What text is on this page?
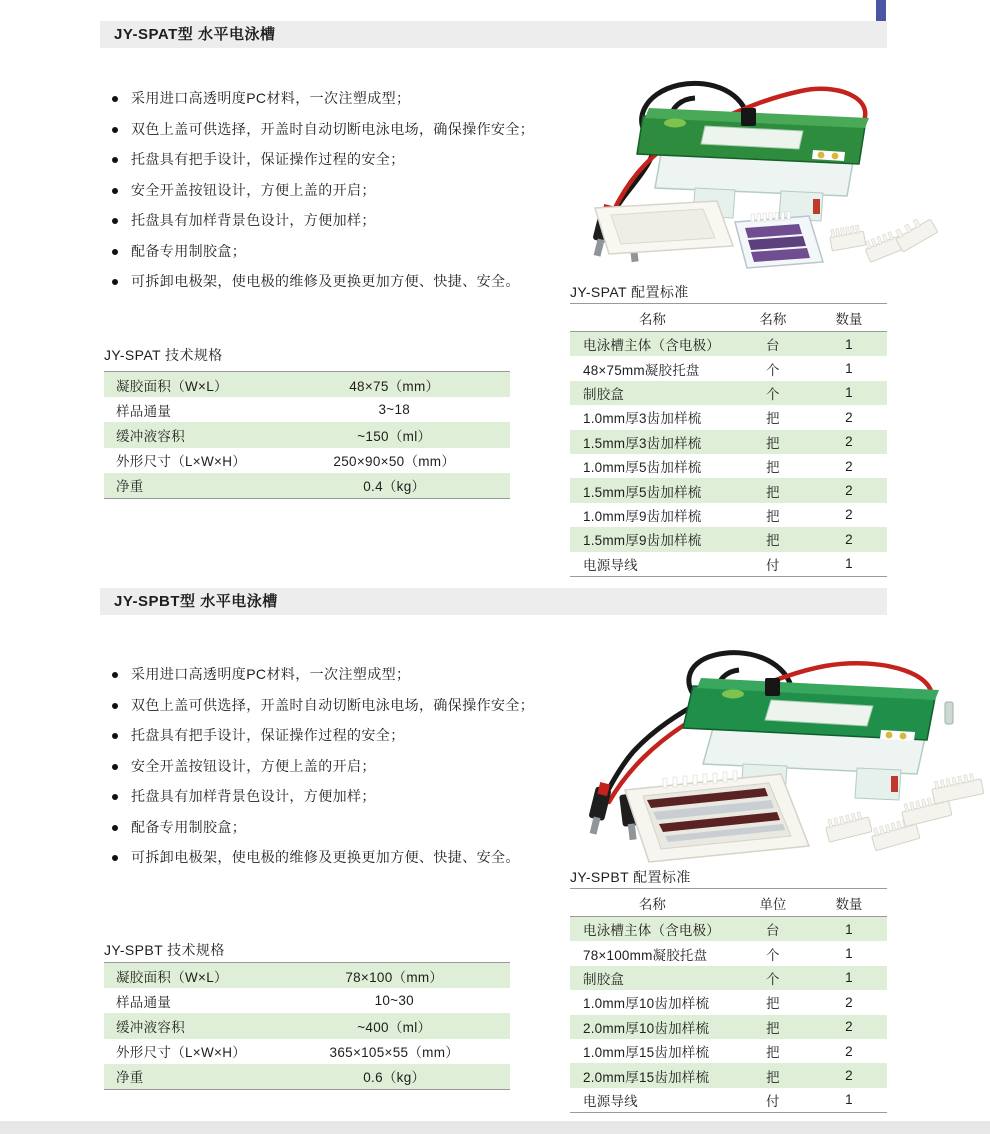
JY-SPAT型 水平电泳槽
采用进口高透明度PC材料，一次注塑成型；
双色上盖可供选择，开盖时自动切断电泳电场，确保操作安全；
托盘具有把手设计，保证操作过程的安全；
安全开盖按钮设计，方便上盖的开启；
托盘具有加样背景色设计，方便加样；
配备专用制胶盒；
可拆卸电极架，使电极的维修及更换更加方便、快捷、安全。
JY-SPAT 配置标准
名称	名称	数量
电泳槽主体（含电极）	台	1
48×75mm凝胶托盘	个	1
制胶盒	个	1
1.0mm厚3齿加样梳	把	2
1.5mm厚3齿加样梳	把	2
1.0mm厚5齿加样梳	把	2
1.5mm厚5齿加样梳	把	2
1.0mm厚9齿加样梳	把	2
1.5mm厚9齿加样梳	把	2
电源导线	付	1
JY-SPAT 技术规格
凝胶面积（W×L）	48×75（mm）
样品通量	3~18
缓冲液容积	~150（ml）
外形尺寸（L×W×H）	250×90×50（mm）
净重	0.4（kg）
JY-SPBT型 水平电泳槽
采用进口高透明度PC材料，一次注塑成型；
双色上盖可供选择，开盖时自动切断电泳电场，确保操作安全；
托盘具有把手设计，保证操作过程的安全；
安全开盖按钮设计，方便上盖的开启；
托盘具有加样背景色设计，方便加样；
配备专用制胶盒；
可拆卸电极架，使电极的维修及更换更加方便、快捷、安全。
JY-SPBT 配置标准
名称	单位	数量
电泳槽主体（含电极）	台	1
78×100mm凝胶托盘	个	1
制胶盒	个	1
1.0mm厚10齿加样梳	把	2
2.0mm厚10齿加样梳	把	2
1.0mm厚15齿加样梳	把	2
2.0mm厚15齿加样梳	把	2
电源导线	付	1
JY-SPBT 技术规格
凝胶面积（W×L）	78×100（mm）
样品通量	10~30
缓冲液容积	~400（ml）
外形尺寸（L×W×H）	365×105×55（mm）
净重	0.6（kg）
